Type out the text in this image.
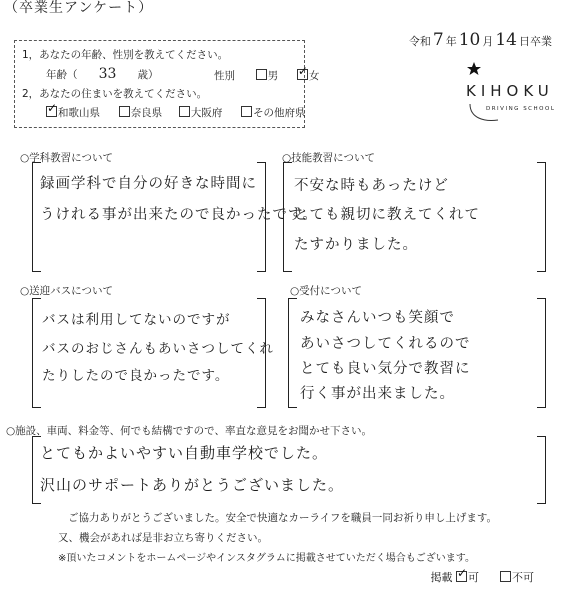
（卒業生アンケート）
令和 7 年 10 月 14 日卒業
1，あなたの年齢、性別を教えてください。
年齢（ 33 歳）	性別	男 ✓	女
2，あなたの住まいを教えてください。
✓和歌山県	奈良県	大阪府	その他府県
KIHOKU
DRIVING SCHOOL
○学科教習について
録画学科で自分の好きな時間に
うけれる事が出来たので良かったです。
○技能教習について
不安な時もあったけど
とても親切に教えてくれて
たすかりました。
○送迎バスについて
バスは利用してないのですが
バスのおじさんもあいさつしてくれ
たりしたので良かったです。
○受付について
みなさんいつも笑顔で
あいさつしてくれるので
とても良い気分で教習に
行く事が出来ました。
○施設、車両、料金等、何でも結構ですので、率直な意見をお聞かせ下さい。
とてもかよいやすい自動車学校でした。
沢山のサポートありがとうございました。
ご協力ありがとうございました。安全で快適なカーライフを職員一同お祈り申し上げます。
又、機会があれば是非お立ち寄りください。
※頂いたコメントをホームページやインスタグラムに掲載させていただく場合もございます。
掲載 ✓ 可	不可
